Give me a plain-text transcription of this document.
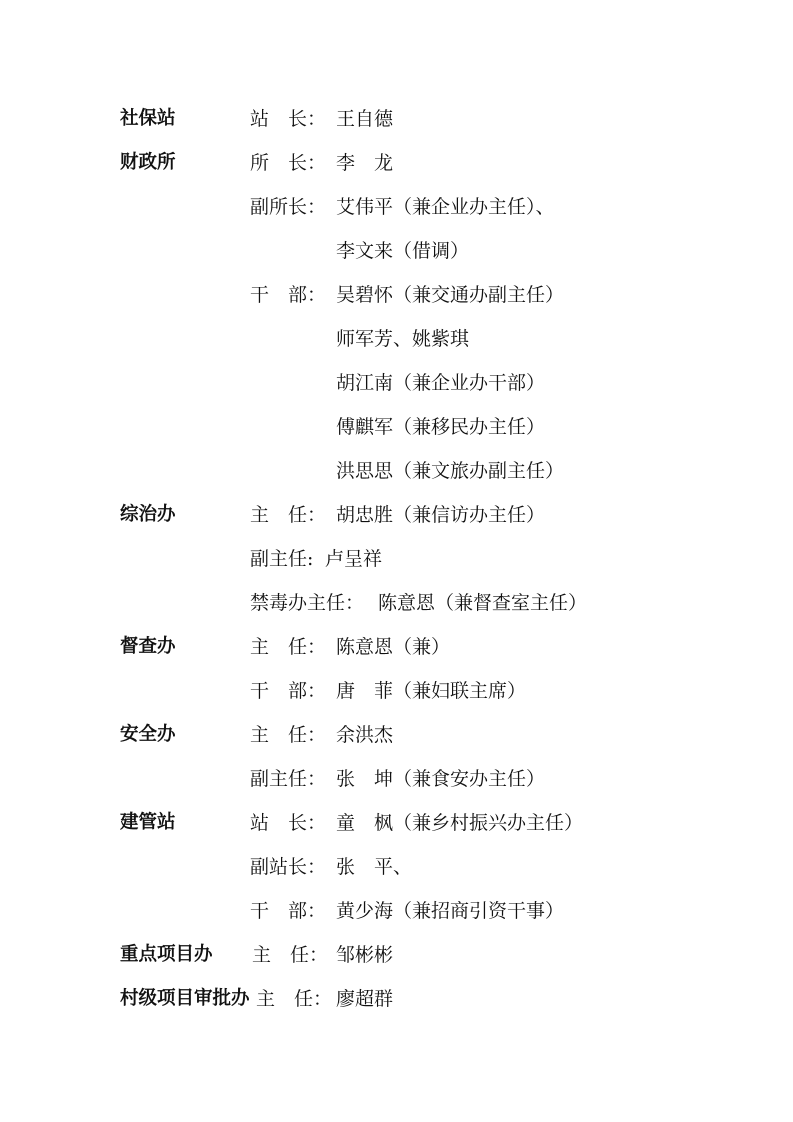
社保站	站　长： 王自德
财政所	所　长： 李　龙
副所长： 艾伟平（兼企业办主任）、
李文来（借调）
干　部： 吴碧怀（兼交通办副主任）
师军芳、姚紫琪
胡江南（兼企业办干部）
傅麒军（兼移民办主任）
洪思思（兼文旅办副主任）
综治办	主　任： 胡忠胜（兼信访办主任）
副主任: 卢呈祥
禁毒办主任： 陈意恩（兼督查室主任）
督查办	主　任： 陈意恩（兼）
干　部： 唐　菲（兼妇联主席）
安全办	主　任： 余洪杰
副主任： 张　坤（兼食安办主任）
建管站	站　长： 童　枫（兼乡村振兴办主任）
副站长： 张　平、
干　部： 黄少海（兼招商引资干事）
重点项目办 主　任： 邹彬彬
村级项目审批办 主　任： 廖超群
